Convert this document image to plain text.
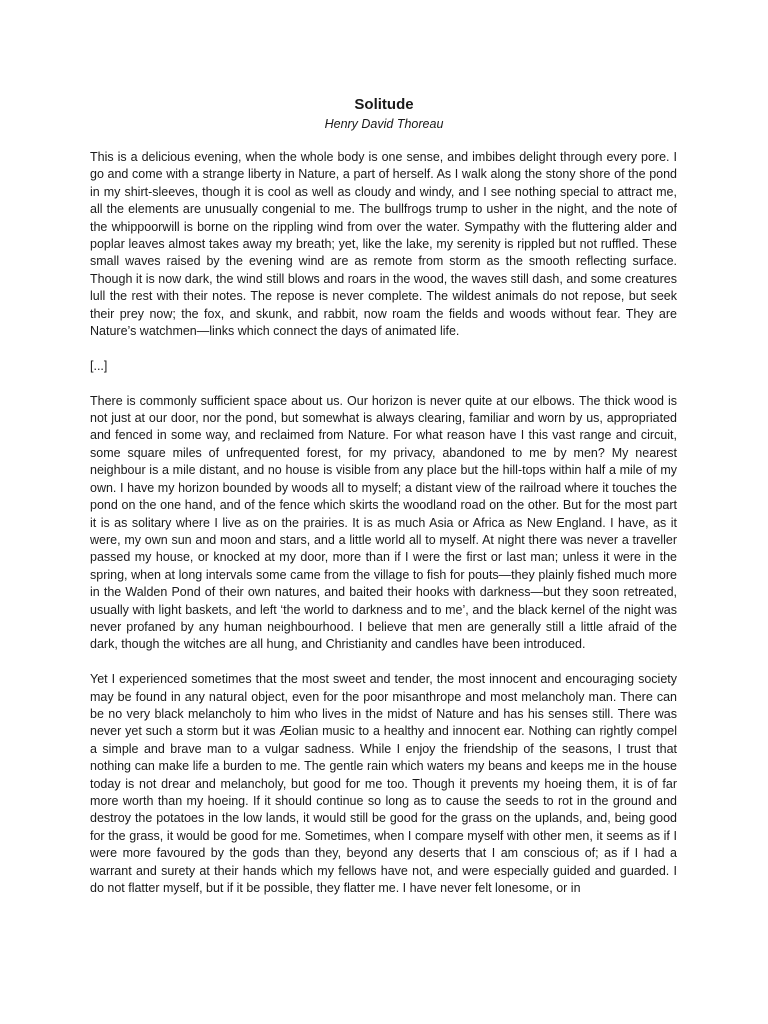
Solitude
Henry David Thoreau

This is a delicious evening, when the whole body is one sense, and imbibes delight through every pore. I go and come with a strange liberty in Nature, a part of herself. As I walk along the stony shore of the pond in my shirt-sleeves, though it is cool as well as cloudy and windy, and I see nothing special to attract me, all the elements are unusually congenial to me. The bullfrogs trump to usher in the night, and the note of the whippoorwill is borne on the rippling wind from over the water. Sympathy with the fluttering alder and poplar leaves almost takes away my breath; yet, like the lake, my serenity is rippled but not ruffled. These small waves raised by the evening wind are as remote from storm as the smooth reflecting surface. Though it is now dark, the wind still blows and roars in the wood, the waves still dash, and some creatures lull the rest with their notes. The repose is never complete. The wildest animals do not repose, but seek their prey now; the fox, and skunk, and rabbit, now roam the fields and woods without fear. They are Nature’s watchmen—links which connect the days of animated life.

[...]

There is commonly sufficient space about us. Our horizon is never quite at our elbows. The thick wood is not just at our door, nor the pond, but somewhat is always clearing, familiar and worn by us, appropriated and fenced in some way, and reclaimed from Nature. For what reason have I this vast range and circuit, some square miles of unfrequented forest, for my privacy, abandoned to me by men? My nearest neighbour is a mile distant, and no house is visible from any place but the hill-tops within half a mile of my own. I have my horizon bounded by woods all to myself; a distant view of the railroad where it touches the pond on the one hand, and of the fence which skirts the woodland road on the other. But for the most part it is as solitary where I live as on the prairies. It is as much Asia or Africa as New England. I have, as it were, my own sun and moon and stars, and a little world all to myself. At night there was never a traveller passed my house, or knocked at my door, more than if I were the first or last man; unless it were in the spring, when at long intervals some came from the village to fish for pouts—they plainly fished much more in the Walden Pond of their own natures, and baited their hooks with darkness—but they soon retreated, usually with light baskets, and left ‘the world to darkness and to me’, and the black kernel of the night was never profaned by any human neighbourhood. I believe that men are generally still a little afraid of the dark, though the witches are all hung, and Christianity and candles have been introduced.

Yet I experienced sometimes that the most sweet and tender, the most innocent and encouraging society may be found in any natural object, even for the poor misanthrope and most melancholy man. There can be no very black melancholy to him who lives in the midst of Nature and has his senses still. There was never yet such a storm but it was Æolian music to a healthy and innocent ear. Nothing can rightly compel a simple and brave man to a vulgar sadness. While I enjoy the friendship of the seasons, I trust that nothing can make life a burden to me. The gentle rain which waters my beans and keeps me in the house today is not drear and melancholy, but good for me too. Though it prevents my hoeing them, it is of far more worth than my hoeing. If it should continue so long as to cause the seeds to rot in the ground and destroy the potatoes in the low lands, it would still be good for the grass on the uplands, and, being good for the grass, it would be good for me. Sometimes, when I compare myself with other men, it seems as if I were more favoured by the gods than they, beyond any deserts that I am conscious of; as if I had a warrant and surety at their hands which my fellows have not, and were especially guided and guarded. I do not flatter myself, but if it be possible, they flatter me. I have never felt lonesome, or in
